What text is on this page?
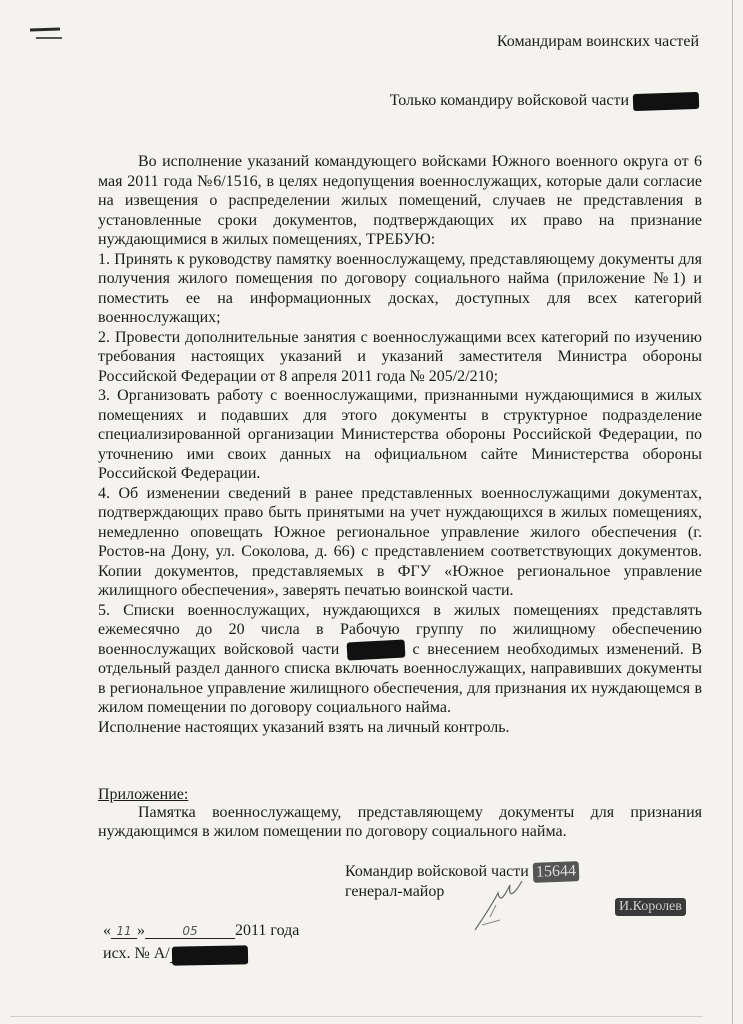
Командирам воинских частей
Только командиру войсковой части

Во исполнение указаний командующего войсками Южного военного округа от 6 мая 2011 года №6/1516, в целях недопущения военнослужащих, которые дали согласие на извещения о распределении жилых помещений, случаев не представления в установленные сроки документов, подтверждающих их право на признание нуждающимися в жилых помещениях, ТРЕБУЮ:

1. Принять к руководству памятку военнослужащему, представляющему документы для получения жилого помещения по договору социального найма (приложение №1) и поместить ее на информационных досках, доступных для всех категорий военнослужащих;

2. Провести дополнительные занятия с военнослужащими всех категорий по изучению требования настоящих указаний и указаний заместителя Министра обороны Российской Федерации от 8 апреля 2011 года № 205/2/210;

3. Организовать работу с военнослужащими, признанными нуждающимися в жилых помещениях и подавших для этого документы в структурное подразделение специализированной организации Министерства обороны Российской Федерации, по уточнению ими своих данных на официальном сайте Министерства обороны Российской Федерации.

4. Об изменении сведений в ранее представленных военнослужащими документах, подтверждающих право быть принятыми на учет нуждающихся в жилых помещениях, немедленно оповещать Южное региональное управление жилого обеспечения (г. Ростов-на Дону, ул. Соколова, д. 66) с представлением соответствующих документов. Копии документов, представляемых в ФГУ «Южное региональное управление жилищного обеспечения», заверять печатью воинской части.

5. Списки военнослужащих, нуждающихся в жилых помещениях представлять ежемесячно до 20 числа в Рабочую группу по жилищному обеспечению военнослужащих войсковой части	с внесением необходимых изменений. В отдельный раздел данного списка включать военнослужащих, направивших документы в региональное управление жилищного обеспечения, для признания их нуждающемся в жилом помещении по договору социального найма.

Исполнение настоящих указаний взять на личный контроль.

Приложение:
Памятка военнослужащему, представляющему документы для признания нуждающимся в жилом помещении по договору социального найма.
Командир войсковой части 15644
генерал-майор
И.Королев
« 11 »	05 2011 года
исх. № А/
